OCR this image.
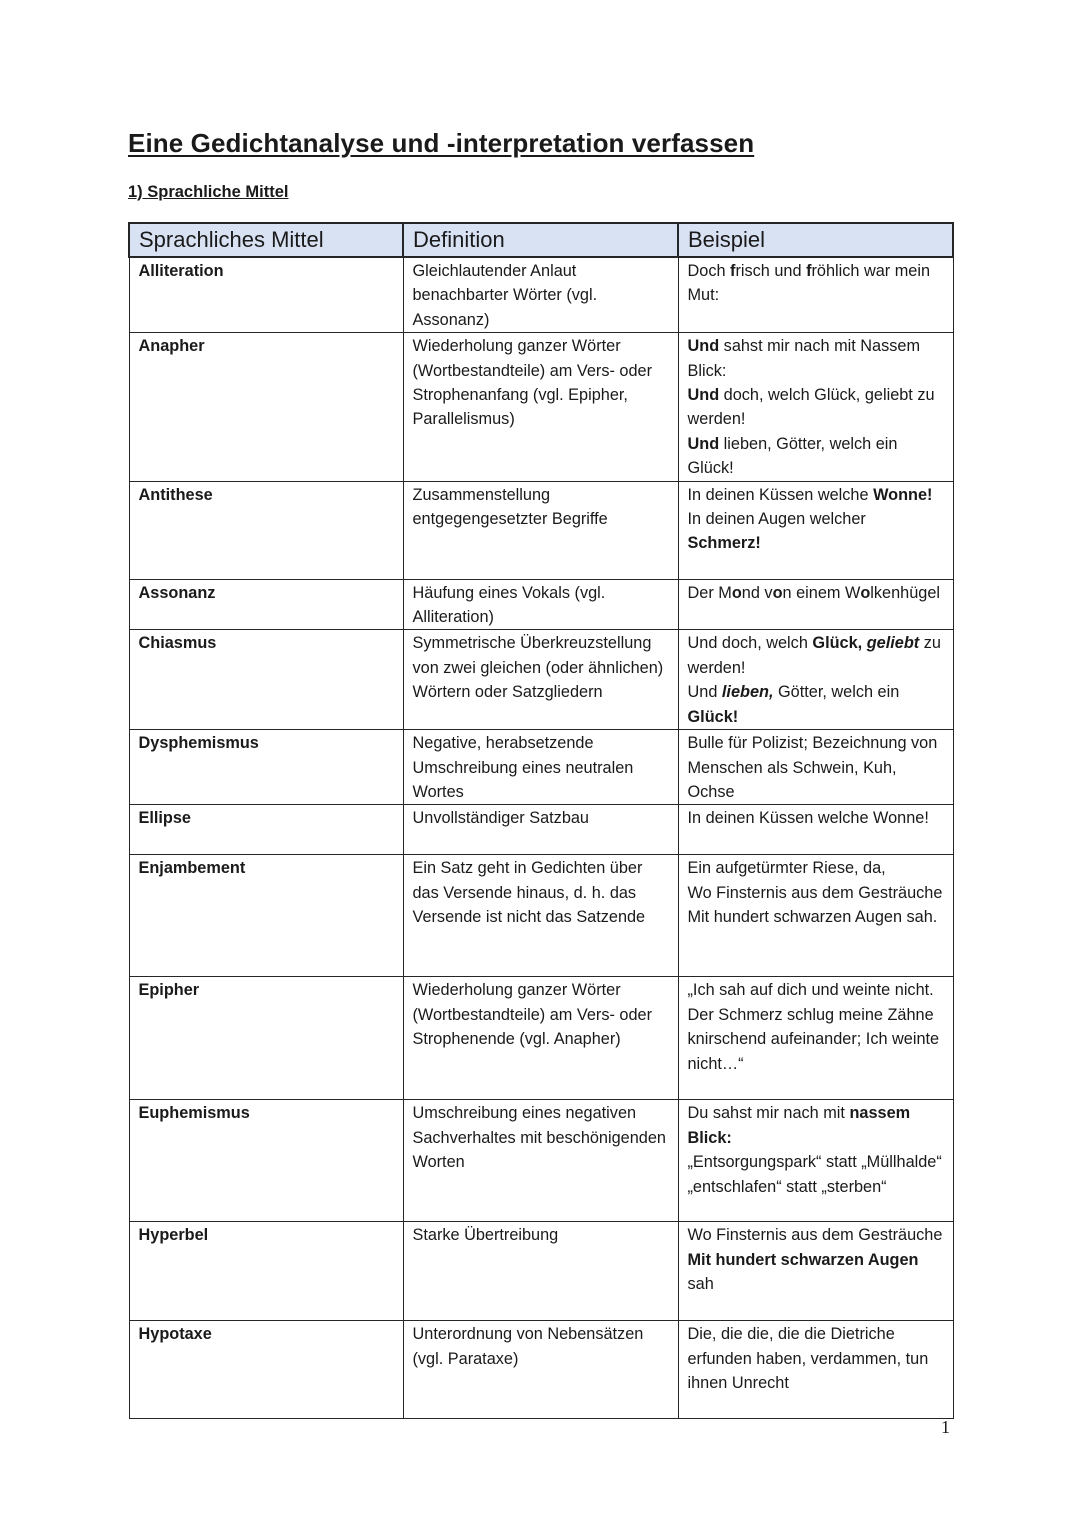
Eine Gedichtanalyse und -interpretation verfassen
1) Sprachliche Mittel
Sprachliches Mittel	Definition	Beispiel
Alliteration	Gleichlautender Anlaut benachbarter Wörter (vgl. Assonanz)	Doch frisch und fröhlich war mein Mut:
Anapher	Wiederholung ganzer Wörter (Wortbestandteile) am Vers- oder Strophenanfang (vgl. Epipher, Parallelismus)	Und sahst mir nach mit Nassem Blick:
Und doch, welch Glück, geliebt zu werden!
Und lieben, Götter, welch ein Glück!
Antithese	Zusammenstellung entgegengesetzter Begriffe	In deinen Küssen welche Wonne!
In deinen Augen welcher Schmerz!
Assonanz	Häufung eines Vokals (vgl. Alliteration)	Der Mond von einem Wolkenhügel
Chiasmus	Symmetrische Überkreuzstellung von zwei gleichen (oder ähnlichen) Wörtern oder Satzgliedern	Und doch, welch Glück, geliebt zu werden!
Und lieben, Götter, welch ein Glück!
Dysphemismus	Negative, herabsetzende Umschreibung eines neutralen Wortes	Bulle für Polizist; Bezeichnung von Menschen als Schwein, Kuh, Ochse
Ellipse	Unvollständiger Satzbau	In deinen Küssen welche Wonne!
Enjambement	Ein Satz geht in Gedichten über das Versende hinaus, d. h. das Versende ist nicht das Satzende	Ein aufgetürmter Riese, da,
Wo Finsternis aus dem Gesträuche
Mit hundert schwarzen Augen sah.
Epipher	Wiederholung ganzer Wörter (Wortbestandteile) am Vers- oder Strophenende (vgl. Anapher)	„Ich sah auf dich und weinte nicht. Der Schmerz schlug meine Zähne knirschend aufeinander; Ich weinte nicht…“
Euphemismus	Umschreibung eines negativen Sachverhaltes mit beschönigenden Worten	Du sahst mir nach mit nassem Blick:
„Entsorgungspark“ statt „Müllhalde“
„entschlafen“ statt „sterben“
Hyperbel	Starke Übertreibung	Wo Finsternis aus dem Gesträuche
Mit hundert schwarzen Augen sah
Hypotaxe	Unterordnung von Nebensätzen (vgl. Parataxe)	Die, die die, die die Dietriche erfunden haben, verdammen, tun ihnen Unrecht
1
